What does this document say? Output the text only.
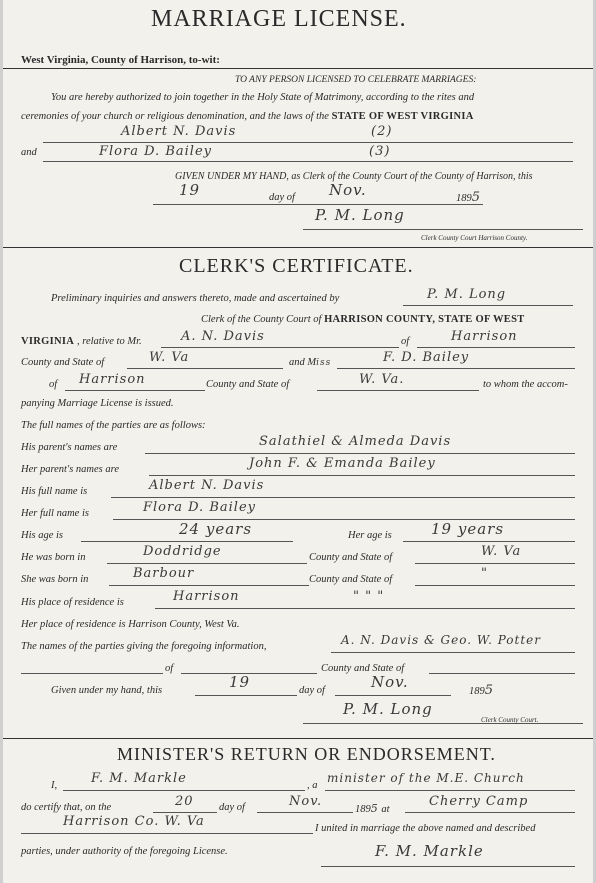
MARRIAGE LICENSE.
West Virginia, County of Harrison, to-wit:
TO ANY PERSON LICENSED TO CELEBRATE MARRIAGES:
You are hereby authorized to join together in the Holy State of Matrimony, according to the rites and
ceremonies of your church or religious denomination, and the laws of the STATE OF WEST VIRGINIA
Albert N. Davis	(2)
and	Flora D. Bailey	(3)
GIVEN UNDER MY HAND, as Clerk of the County Court of the County of Harrison, this
19	day of Nov.	1895
P. M. Long
Clerk County Court Harrison County.
CLERK'S CERTIFICATE.
Preliminary inquiries and answers thereto, made and ascertained by	P. M. Long
Clerk of the County Court of HARRISON COUNTY, STATE OF WEST
VIRGINIA , relative to Mr.	A. N. Davis	of	Harrison
County and State of	W. Va	and Miss	F. D. Bailey
of Harrison	County and State of	W. Va.	to whom the accom-
panying Marriage License is issued.
The full names of the parties are as follows:
His parent's names are	Salathiel & Almeda Davis
Her parent's names are	John F. & Emanda Bailey
His full name is	Albert N. Davis
Her full name is	Flora D. Bailey
His age is	24 years	Her age is	19 years
He was born in	Doddridge	County and State of	W. Va
She was born in	Barbour	County and State of	"
His place of residence is	Harrison	" " "
Her place of residence is Harrison County, West Va.
The names of the parties giving the foregoing information,	A. N. Davis & Geo. W. Potter
of	County and State of
Given under my hand, this	19	day of	Nov.
1895
P. M. Long
Clerk County Court.
MINISTER'S RETURN OR ENDORSEMENT.
I,	F. M. Markle	, a
minister of the M.E. Church
do certify that, on the	20 day of	Nov.
1895 at
Cherry Camp
Harrison Co. W. Va	I united in marriage the above named and described
parties, under authority of the foregoing License.	F. M. Markle
